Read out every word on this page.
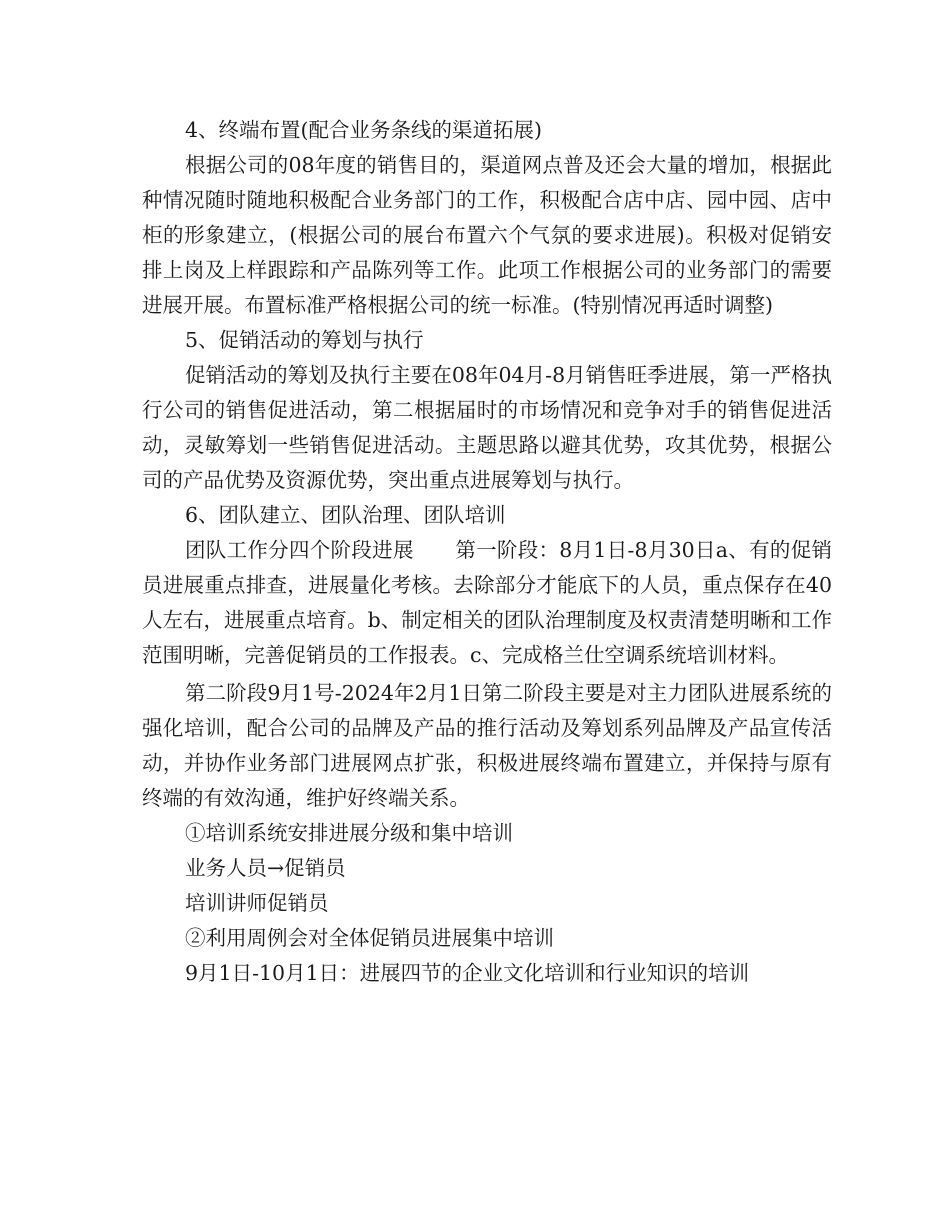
4、终端布置(配合业务条线的渠道拓展)

根据公司的08年度的销售目的，渠道网点普及还会大量的增加，根据此种情况随时随地积极配合业务部门的工作，积极配合店中店、园中园、店中柜的形象建立，(根据公司的展台布置六个气氛的要求进展)。积极对促销安排上岗及上样跟踪和产品陈列等工作。此项工作根据公司的业务部门的需要进展开展。布置标准严格根据公司的统一标准。(特别情况再适时调整)

5、促销活动的筹划与执行

促销活动的筹划及执行主要在08年04月-8月销售旺季进展，第一严格执行公司的销售促进活动，第二根据届时的市场情况和竞争对手的销售促进活动，灵敏筹划一些销售促进活动。主题思路以避其优势，攻其优势，根据公司的产品优势及资源优势，突出重点进展筹划与执行。

6、团队建立、团队治理、团队培训

团队工作分四个阶段进展　　第一阶段：8月1日-8月30日a、有的促销员进展重点排查，进展量化考核。去除部分才能底下的人员，重点保存在40人左右，进展重点培育。b、制定相关的团队治理制度及权责清楚明晰和工作范围明晰，完善促销员的工作报表。c、完成格兰仕空调系统培训材料。

第二阶段9月1号-2024年2月1日第二阶段主要是对主力团队进展系统的强化培训，配合公司的品牌及产品的推行活动及筹划系列品牌及产品宣传活动，并协作业务部门进展网点扩张，积极进展终端布置建立，并保持与原有终端的有效沟通，维护好终端关系。

①培训系统安排进展分级和集中培训

业务人员→促销员

培训讲师促销员

②利用周例会对全体促销员进展集中培训

9月1日-10月1日：进展四节的企业文化培训和行业知识的培训
